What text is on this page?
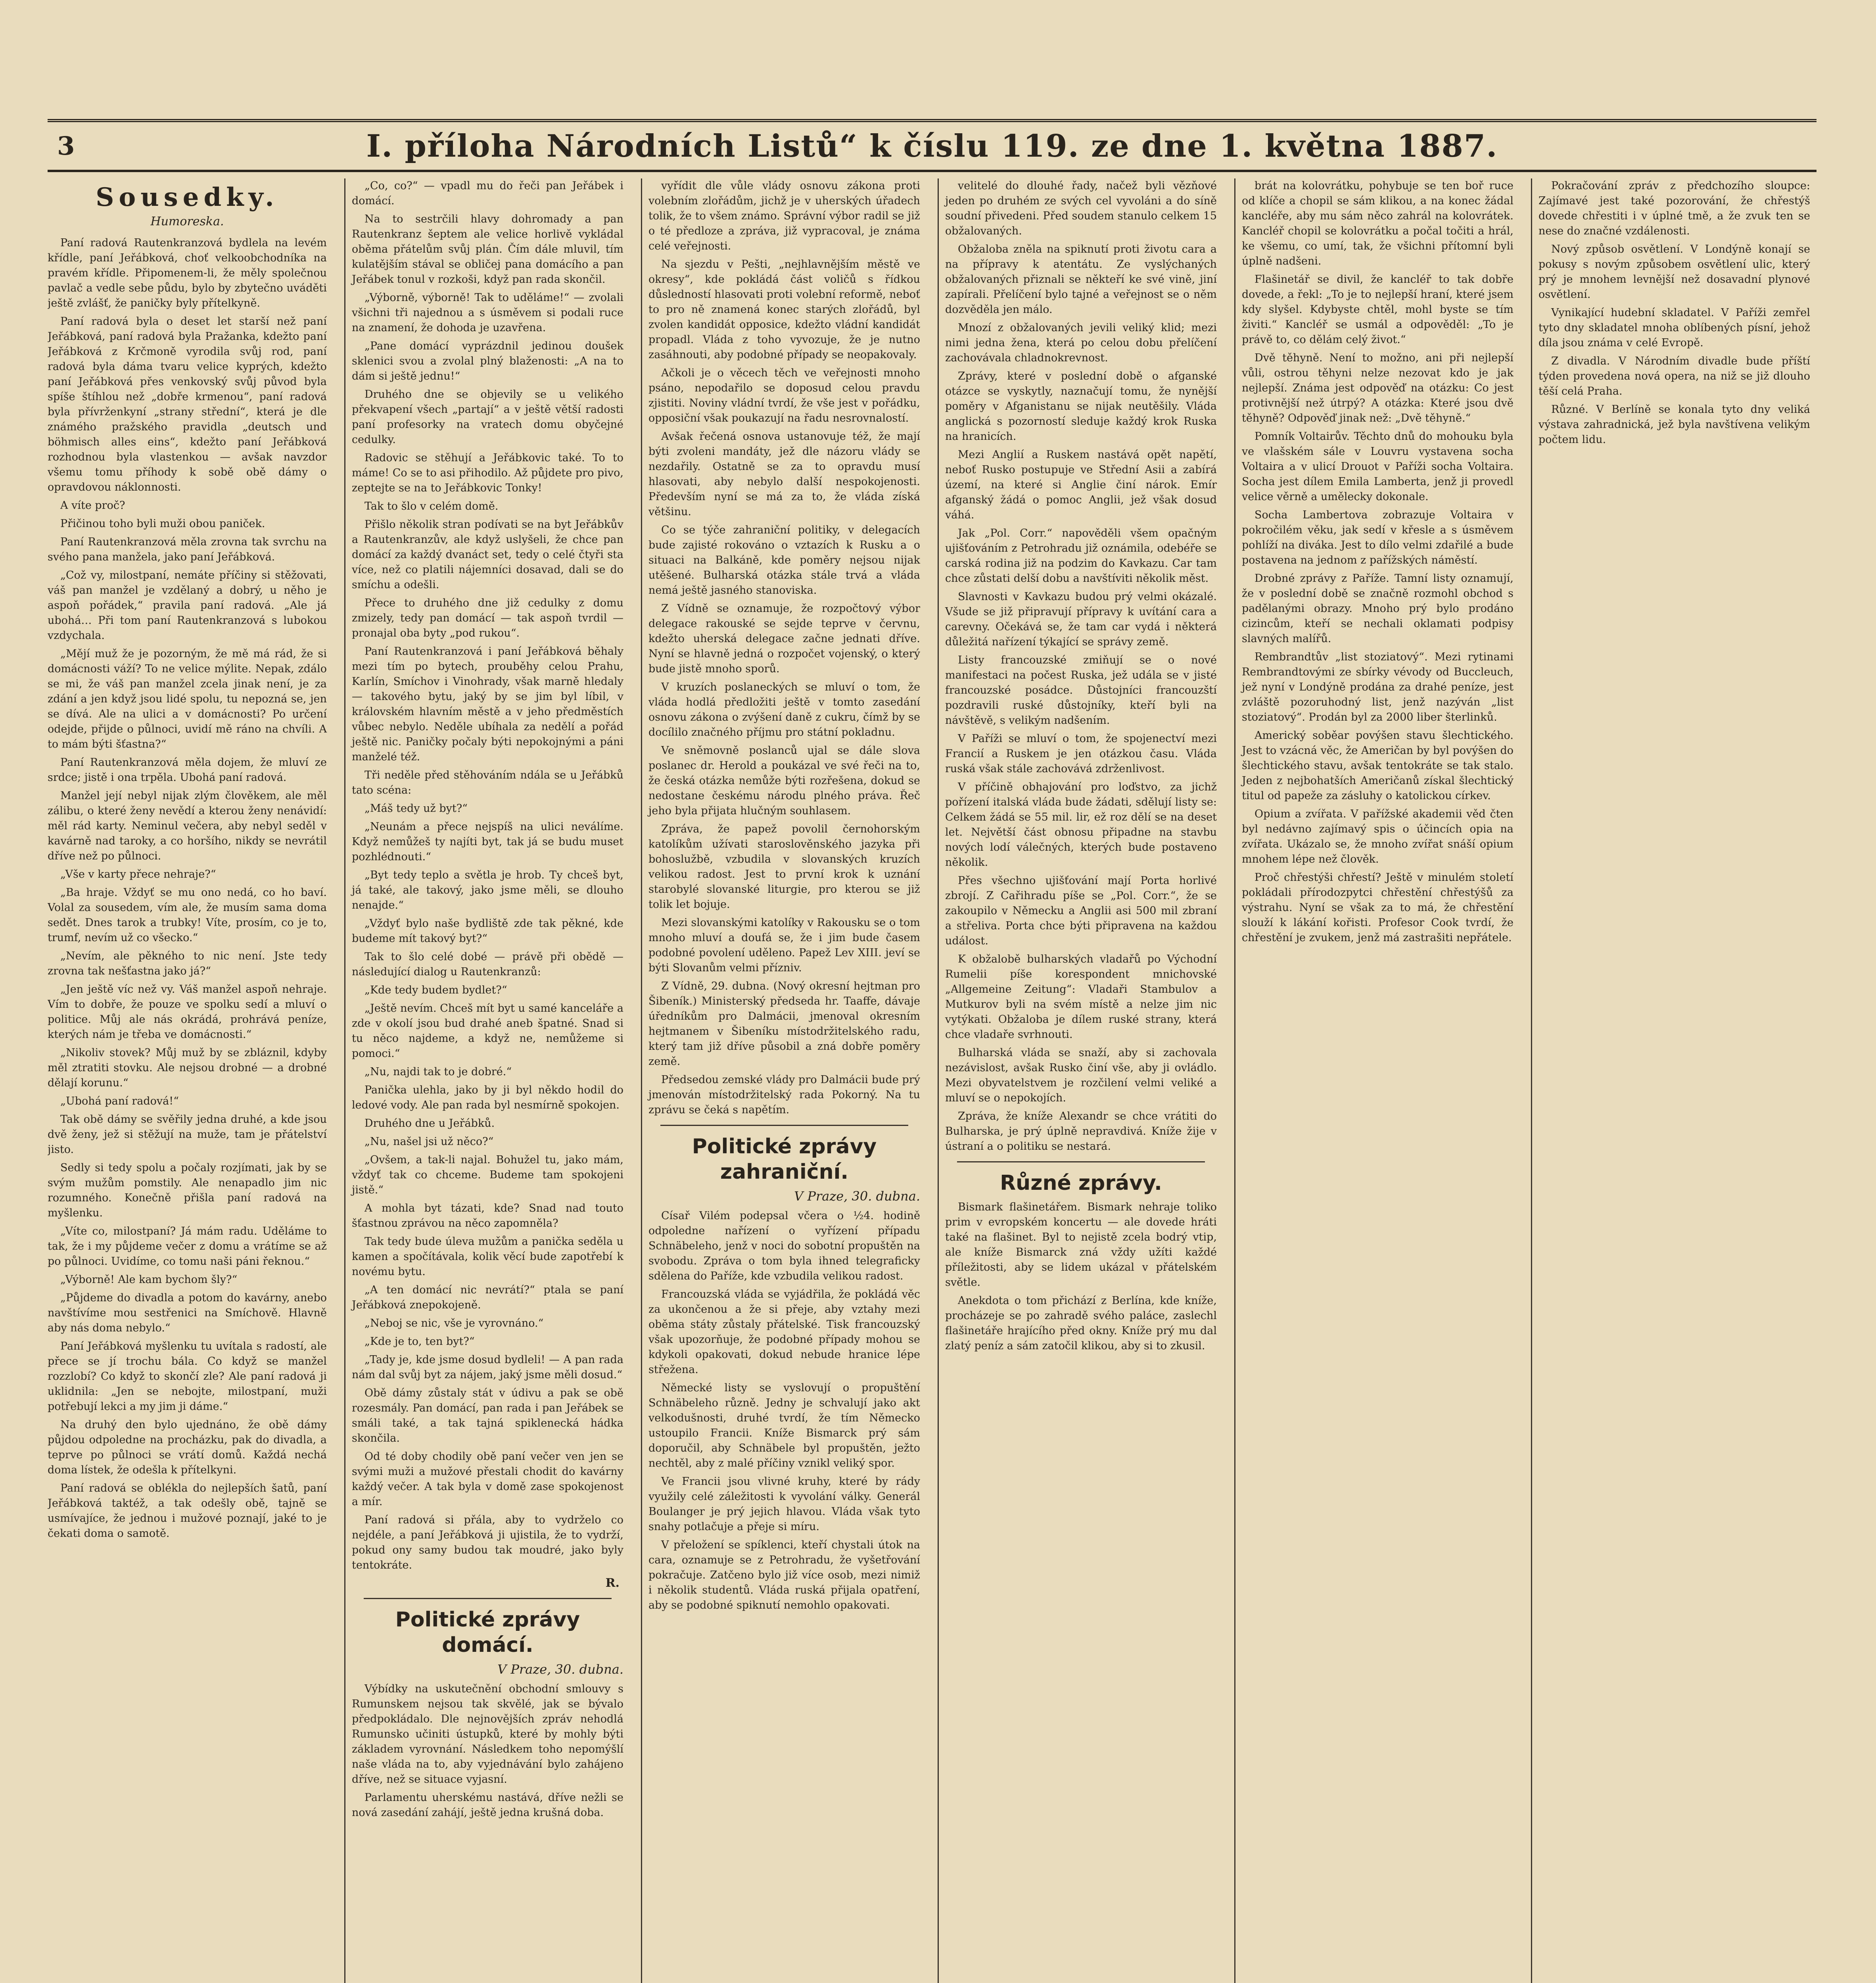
3	I. příloha Národních Listů“ k číslu 119. ze dne 1. května 1887.
Sousedky.
Humoreska.

Paní radová Rautenkranzová bydlela na levém křídle, paní Jeřábková, choť velkoobchodníka na pravém křídle. Připomenem-li, že měly společnou pavlač a vedle sebe půdu, bylo by zbytečno uváděti ještě zvlášť, že paničky byly přítelkyně.

Paní radová byla o deset let starší než paní Jeřábková, paní radová byla Pražanka, kdežto paní Jeřábková z Krčmoně vyrodila svůj rod, paní radová byla dáma tvaru velice kyprých, kdežto paní Jeřábková přes venkovský svůj původ byla spíše štíhlou než „dobře krmenou“, paní radová byla přívrženkyní „strany střední“, která je dle známého pražského pravidla „deutsch und böhmisch alles eins“, kdežto paní Jeřábková rozhodnou byla vlastenkou — avšak navzdor všemu tomu příhody k sobě obě dámy o opravdovou náklonnosti.

A víte proč?

Přičinou toho byli muži obou paniček.

Paní Rautenkranzová měla zrovna tak svrchu na svého pana manžela, jako paní Jeřábková.

„Což vy, milostpaní, nemáte příčiny si stěžovati, váš pan manžel je vzdělaný a dobrý, u něho je aspoň pořádek,“ pravila paní radová. „Ale já ubohá… Při tom paní Rautenkranzová s lubokou vzdychala.

„Mějí muž že je pozorným, že mě má rád, že si domácnosti váží? To ne velice mýlite. Nepak, zdálo se mi, že váš pan manžel zcela jinak není, je za zdání a jen když jsou lidé spolu, tu nepozná se, jen se dívá. Ale na ulici a v domácnosti? Po určení odejde, přijde o půlnoci, uvidí mě ráno na chvíli. A to mám býti šťastna?“

Paní Rautenkranzová měla dojem, že mluví ze srdce; jistě i ona trpěla. Ubohá paní radová.

Manžel její nebyl nijak zlým člověkem, ale měl zálibu, o které ženy nevědí a kterou ženy nenávidí: měl rád karty. Neminul večera, aby nebyl seděl v kavárně nad taroky, a co horšího, nikdy se nevrátil dříve než po půlnoci.

„Vše v karty přece nehraje?“

„Ba hraje. Vždyť se mu ono nedá, co ho baví. Volal za sousedem, vím ale, že musím sama doma sedět. Dnes tarok a trubky! Víte, prosím, co je to, trumf, nevím už co všecko.“

„Nevím, ale pěkného to nic není. Jste tedy zrovna tak nešťastna jako já?“

„Jen ještě víc než vy. Váš manžel aspoň nehraje. Vím to dobře, že pouze ve spolku sedí a mluví o politice. Můj ale nás okrádá, prohrává peníze, kterých nám je třeba ve domácnosti.“

„Nikoliv stovek? Můj muž by se zbláznil, kdyby měl ztratiti stovku. Ale nejsou drobné — a drobné dělají korunu.“

„Ubohá paní radová!“

Tak obě dámy se svěřily jedna druhé, a kde jsou dvě ženy, jež si stěžují na muže, tam je přátelství jisto.

Sedly si tedy spolu a počaly rozjímati, jak by se svým mužům pomstily. Ale nenapadlo jim nic rozumného. Konečně přišla paní radová na myšlenku.

„Víte co, milostpaní? Já mám radu. Uděláme to tak, že i my půjdeme večer z domu a vrátíme se až po půlnoci. Uvidíme, co tomu naši páni řeknou.“

„Výborně! Ale kam bychom šly?“

„Půjdeme do divadla a potom do kavárny, anebo navštívíme mou sestřenici na Smíchově. Hlavně aby nás doma nebylo.“

Paní Jeřábková myšlenku tu uvítala s radostí, ale přece se jí trochu bála. Co když se manžel rozzlobí? Co když to skončí zle? Ale paní radová ji uklidnila: „Jen se nebojte, milostpaní, muži potřebují lekci a my jim ji dáme.“

Na druhý den bylo ujednáno, že obě dámy půjdou odpoledne na procházku, pak do divadla, a teprve po půlnoci se vrátí domů. Každá nechá doma lístek, že odešla k přítelkyni.

Paní radová se oblékla do nejlepších šatů, paní Jeřábková taktéž, a tak odešly obě, tajně se usmívajíce, že jednou i mužové poznají, jaké to je čekati doma o samotě.

„Co, co?“ — vpadl mu do řeči pan Jeřábek i domácí.

Na to sestrčili hlavy dohromady a pan Rautenkranz šeptem ale velice horlivě vykládal oběma přátelům svůj plán. Čím dále mluvil, tím kulatějším stával se obličej pana domácího a pan Jeřábek tonul v rozkoši, když pan rada skončil.

„Výborně, výborně! Tak to uděláme!“ — zvolali všichni tři najednou a s úsměvem si podali ruce na znamení, že dohoda je uzavřena.

„Pane domácí vyprázdnil jedinou doušek sklenici svou a zvolal plný blaženosti: „A na to dám si ještě jednu!“

Druhého dne se objevily se u velikého překvapení všech „partají“ a v ještě větší radosti paní profesorky na vratech domu obyčejné cedulky.

Radovic se stěhují a Jeřábkovic také. To to máme! Co se to asi přihodilo. Až půjdete pro pivo, zeptejte se na to Jeřábkovic Tonky!

Tak to šlo v celém domě.

Přišlo několik stran podívati se na byt Jeřábkův a Rautenkranzův, ale když uslyšeli, že chce pan domácí za každý dvanáct set, tedy o celé čtyři sta více, než co platili nájemníci dosavad, dali se do smíchu a odešli.

Přece to druhého dne již cedulky z domu zmizely, tedy pan domácí — tak aspoň tvrdil — pronajal oba byty „pod rukou“.

Paní Rautenkranzová i paní Jeřábková běhaly mezi tím po bytech, prouběhy celou Prahu, Karlín, Smíchov i Vinohrady, však marně hledaly — takového bytu, jaký by se jim byl líbil, v královském hlavním městě a v jeho předměstích vůbec nebylo. Neděle ubíhala za nedělí a pořád ještě nic. Paničky počaly býti nepokojnými a páni manželé též.

Tři neděle před stěhováním ndála se u Jeřábků tato scéna:

„Máš tedy už byt?“

„Neunám a přece nejspíš na ulici neválíme. Když nemůžeš ty najíti byt, tak já se budu muset pozhlédnouti.“

„Byt tedy teplo a světla je hrob. Ty chceš byt, já také, ale takový, jako jsme měli, se dlouho nenajde.“

„Vždyť bylo naše bydliště zde tak pěkné, kde budeme mít takový byt?“

Tak to šlo celé dobé — právě při obědě — následující dialog u Rautenkranzů:

„Kde tedy budem bydlet?“

„Ještě nevím. Chceš mít byt u samé kanceláře a zde v okolí jsou bud drahé aneb špatné. Snad si tu něco najdeme, a když ne, nemůžeme si pomoci.“

„Nu, najdi tak to je dobré.“

Panička ulehla, jako by ji byl někdo hodil do ledové vody. Ale pan rada byl nesmírně spokojen.

Druhého dne u Jeřábků.

„Nu, našel jsi už něco?“

„Ovšem, a tak-li najal. Bohužel tu, jako mám, vždyť tak co chceme. Budeme tam spokojeni jistě.“

A mohla byt tázati, kde? Snad nad touto šťastnou zprávou na něco zapomněla?

Tak tedy bude úleva mužům a panička seděla u kamen a spočítávala, kolik věcí bude zapotřebí k novému bytu.

„A ten domácí nic nevrátí?“ ptala se paní Jeřábková znepokojeně.

„Neboj se nic, vše je vyrovnáno.“

„Kde je to, ten byt?“

„Tady je, kde jsme dosud bydleli! — A pan rada nám dal svůj byt za nájem, jaký jsme měli dosud.“

Obě dámy zůstaly stát v údivu a pak se obě rozesmály. Pan domácí, pan rada i pan Jeřábek se smáli také, a tak tajná spiklenecká hádka skončila.

Od té doby chodily obě paní večer ven jen se svými muži a mužové přestali chodit do kavárny každý večer. A tak byla v domě zase spokojenost a mír.

Paní radová si přála, aby to vydrželo co nejdéle, a paní Jeřábková ji ujistila, že to vydrží, pokud ony samy budou tak moudré, jako byly tentokráte.

R.
Politické zprávy domácí.
V Praze, 30. dubna.

Výbídky na uskutečnění obchodní smlouvy s Rumunskem nejsou tak skvělé, jak se bývalo předpokládalo. Dle nejnovějších zpráv nehodlá Rumunsko učiniti ústupků, které by mohly býti základem vyrovnání. Následkem toho nepomýšlí naše vláda na to, aby vyjednávání bylo zahájeno dříve, než se situace vyjasní.

Parlamentu uherskému nastává, dříve nežli se nová zasedání zahájí, ještě jedna krušná doba.

vyřídit dle vůle vlády osnovu zákona proti volebním zlořádům, jichž je v uherských úřadech tolik, že to všem známo. Správní výbor radil se již o té předloze a zpráva, již vypracoval, je známa celé veřejnosti.

Na sjezdu v Pešti, „nejhlavnějším městě ve okresy“, kde pokládá část voličů s řídkou důsledností hlasovati proti volební reformě, neboť to pro ně znamená konec starých zlořádů, byl zvolen kandidát opposice, kdežto vládní kandidát propadl. Vláda z toho vyvozuje, že je nutno zasáhnouti, aby podobné případy se neopakovaly.

Ačkoli je o věcech těch ve veřejnosti mnoho psáno, nepodařilo se doposud celou pravdu zjistiti. Noviny vládní tvrdí, že vše jest v pořádku, opposiční však poukazují na řadu nesrovnalostí.

Avšak řečená osnova ustanovuje též, že mají býti zvoleni mandáty, jež dle názoru vlády se nezdařily. Ostatně se za to opravdu musí hlasovati, aby nebylo další nespokojenosti. Především nyní se má za to, že vláda získá většinu.

Co se týče zahraniční politiky, v delegacích bude zajisté rokováno o vztazích k Rusku a o situaci na Balkáně, kde poměry nejsou nijak utěšené. Bulharská otázka stále trvá a vláda nemá ještě jasného stanoviska.

Z Vídně se oznamuje, že rozpočtový výbor delegace rakouské se sejde teprve v červnu, kdežto uherská delegace začne jednati dříve. Nyní se hlavně jedná o rozpočet vojenský, o který bude jistě mnoho sporů.

V kruzích poslaneckých se mluví o tom, že vláda hodlá předložiti ještě v tomto zasedání osnovu zákona o zvýšení daně z cukru, čímž by se docílilo značného příjmu pro státní pokladnu.

Ve sněmovně poslanců ujal se dále slova poslanec dr. Herold a poukázal ve své řeči na to, že česká otázka nemůže býti rozřešena, dokud se nedostane českému národu plného práva. Řeč jeho byla přijata hlučným souhlasem.

Zpráva, že papež povolil černohorským katolíkům užívati staroslověnského jazyka při bohoslužbě, vzbudila v slovanských kruzích velikou radost. Jest to první krok k uznání starobylé slovanské liturgie, pro kterou se již tolik let bojuje.

Mezi slovanskými katolíky v Rakousku se o tom mnoho mluví a doufá se, že i jim bude časem podobné povolení uděleno. Papež Lev XIII. jeví se býti Slovanům velmi přízniv.

Z Vídně, 29. dubna. (Nový okresní hejtman pro Šibeník.) Ministerský předseda hr. Taaffe, dávaje úředníkům pro Dalmácii, jmenoval okresním hejtmanem v Šibeníku místodržitelského radu, který tam již dříve působil a zná dobře poměry země.

Předsedou zemské vlády pro Dalmácii bude prý jmenován místodržitelský rada Pokorný. Na tu zprávu se čeká s napětím.

Politické zprávy zahraniční.
V Praze, 30. dubna.

Císař Vilém podepsal včera o ½4. hodině odpoledne nařízení o vyřízení případu Schnäbeleho, jenž v noci do sobotní propuštěn na svobodu. Zpráva o tom byla ihned telegraficky sdělena do Paříže, kde vzbudila velikou radost.

Francouzská vláda se vyjádřila, že pokládá věc za ukončenou a že si přeje, aby vztahy mezi oběma státy zůstaly přátelské. Tisk francouzský však upozorňuje, že podobné případy mohou se kdykoli opakovati, dokud nebude hranice lépe střežena.

Německé listy se vyslovují o propuštění Schnäbeleho různě. Jedny je schvalují jako akt velkodušnosti, druhé tvrdí, že tím Německo ustoupilo Francii. Kníže Bismarck prý sám doporučil, aby Schnäbele byl propuštěn, ježto nechtěl, aby z malé příčiny vznikl veliký spor.

Ve Francii jsou vlivné kruhy, které by rády využily celé záležitosti k vyvolání války. Generál Boulanger je prý jejich hlavou. Vláda však tyto snahy potlačuje a přeje si míru.

V přeložení se spíklenci, kteří chystali útok na cara, oznamuje se z Petrohradu, že vyšetřování pokračuje. Zatčeno bylo již více osob, mezi nimiž i několik studentů. Vláda ruská přijala opatření, aby se podobné spiknutí nemohlo opakovati.

velitelé do dlouhé řady, načež byli vězňové jeden po druhém ze svých cel vyvoláni a do síně soudní přivedeni. Před soudem stanulo celkem 15 obžalovaných.

Obžaloba zněla na spiknutí proti životu cara a na přípravy k atentátu. Ze vyslýchaných obžalovaných přiznali se někteří ke své vině, jiní zapírali. Přelíčení bylo tajné a veřejnost se o něm dozvěděla jen málo.

Mnozí z obžalovaných jevili veliký klid; mezi nimi jedna žena, která po celou dobu přelíčení zachovávala chladnokrevnost.

Zprávy, které v poslední době o afganské otázce se vyskytly, naznačují tomu, že nynější poměry v Afganistanu se nijak neutěšily. Vláda anglická s pozorností sleduje každý krok Ruska na hranicích.

Mezi Anglií a Ruskem nastává opět napětí, neboť Rusko postupuje ve Střední Asii a zabírá území, na které si Anglie činí nárok. Emír afganský žádá o pomoc Anglii, jež však dosud váhá.

Jak „Pol. Corr.“ napověděli všem opačným ujišťováním z Petrohradu již oznámila, odebéře se carská rodina již na podzim do Kavkazu. Car tam chce zůstati delší dobu a navštíviti několik měst.

Slavnosti v Kavkazu budou prý velmi okázalé. Všude se již připravují přípravy k uvítání cara a carevny. Očekává se, že tam car vydá i některá důležitá nařízení týkající se správy země.

Listy francouzské zmiňují se o nové manifestaci na počest Ruska, jež udála se v jisté francouzské posádce. Důstojníci francouzští pozdravili ruské důstojníky, kteří byli na návštěvě, s velikým nadšením.

V Paříži se mluví o tom, že spojenectví mezi Francií a Ruskem je jen otázkou času. Vláda ruská však stále zachovává zdrženlivost.

V příčině obhajování pro loďstvo, za jichž pořízení italská vláda bude žádati, sdělují listy se: Celkem žádá se 55 mil. lir, ež roz dělí se na deset let. Největší část obnosu připadne na stavbu nových lodí válečných, kterých bude postaveno několik.

Přes všechno ujišťování mají Porta horlivé zbrojí. Z Cařihradu píše se „Pol. Corr.“, že se zakoupilo v Německu a Anglii asi 500 mil zbraní a střeliva. Porta chce býti připravena na každou událost.

K obžalobě bulharských vladařů po Východní Rumelii píše korespondent mnichovské „Allgemeine Zeitung“: Vladaři Stambulov a Mutkurov byli na svém místě a nelze jim nic vytýkati. Obžaloba je dílem ruské strany, která chce vladaře svrhnouti.

Bulharská vláda se snaží, aby si zachovala nezávislost, avšak Rusko činí vše, aby ji ovládlo. Mezi obyvatelstvem je rozčilení velmi veliké a mluví se o nepokojích.

Zpráva, že kníže Alexandr se chce vrátiti do Bulharska, je prý úplně nepravdivá. Kníže žije v ústraní a o politiku se nestará.

Různé zprávy.

Bismark flašinetářem. Bismark nehraje toliko prim v evropském koncertu — ale dovede hráti také na flašinet. Byl to nejistě zcela bodrý vtip, ale kníže Bismarck zná vždy užíti každé příležitosti, aby se lidem ukázal v přátelském světle.

Anekdota o tom přichází z Berlína, kde kníže, procházeje se po zahradě svého paláce, zaslechl flašinetáře hrajícího před okny. Kníže prý mu dal zlatý peníz a sám zatočil klikou, aby si to zkusil.

brát na kolovrátku, pohybuje se ten boř ruce od klíče a chopil se sám klikou, a na konec žádal kancléře, aby mu sám něco zahrál na kolovrátek. Kancléř chopil se kolovrátku a počal točiti a hrál, ke všemu, co umí, tak, že všichni přítomní byli úplně nadšeni.

Flašinetář se divil, že kancléř to tak dobře dovede, a řekl: „To je to nejlepší hraní, které jsem kdy slyšel. Kdybyste chtěl, mohl byste se tím živiti.“ Kancléř se usmál a odpověděl: „To je právě to, co dělám celý život.“

Dvě těhyně. Není to možno, ani při nejlepší vůli, ostrou těhyni nelze nezovat kdo je jak nejlepší. Známa jest odpověď na otázku: Co jest protivnější než útrpý? A otázka: Které jsou dvě těhyně? Odpověď jinak než: „Dvě těhyně.“

Pomník Voltairův. Těchto dnů do mohouku byla ve vlašském sále v Louvru vystavena socha Voltaira a v ulicí Drouot v Paříži socha Voltaira. Socha jest dílem Emila Lamberta, jenž ji provedl velice věrně a umělecky dokonale.

Socha Lambertova zobrazuje Voltaira v pokročilém věku, jak sedí v křesle a s úsměvem pohlíží na diváka. Jest to dílo velmi zdařilé a bude postavena na jednom z pařížských náměstí.

Drobné zprávy z Paříže. Tamní listy oznamují, že v poslední době se značně rozmohl obchod s padělanými obrazy. Mnoho prý bylo prodáno cizincům, kteří se nechali oklamati podpisy slavných malířů.

Rembrandtův „list stoziatový“. Mezi rytinami Rembrandtovými ze sbírky vévody od Buccleuch, jež nyní v Londýně prodána za drahé peníze, jest zvláště pozoruhodný list, jenž nazýván „list stoziatový“. Prodán byl za 2000 liber šterlinků.

Americký soběar povýšen stavu šlechtického. Jest to vzácná věc, že Američan by byl povýšen do šlechtického stavu, avšak tentokráte se tak stalo. Jeden z nejbohatších Američanů získal šlechtický titul od papeže za zásluhy o katolickou církev.

Opium a zvířata. V pařížské akademii věd čten byl nedávno zajímavý spis o účincích opia na zvířata. Ukázalo se, že mnoho zvířat snáší opium mnohem lépe než člověk.

Proč chřestýši chřestí? Ještě v minulém století pokládali přírodozpytci chřestění chřestýšů za výstrahu. Nyní se však za to má, že chřestění slouží k lákání kořisti. Profesor Cook tvrdí, že chřestění je zvukem, jenž má zastrašiti nepřátele.

Pokračování zpráv z předchozího sloupce: Zajímavé jest také pozorování, že chřestýš dovede chřestiti i v úplné tmě, a že zvuk ten se nese do značné vzdálenosti.

Nový způsob osvětlení. V Londýně konají se pokusy s novým způsobem osvětlení ulic, který prý je mnohem levnější než dosavadní plynové osvětlení.

Vynikající hudební skladatel. V Paříži zemřel tyto dny skladatel mnoha oblíbených písní, jehož díla jsou známa v celé Evropě.

Z divadla. V Národním divadle bude příští týden provedena nová opera, na niž se již dlouho těší celá Praha.

Různé. V Berlíně se konala tyto dny veliká výstava zahradnická, jež byla navštívena velikým počtem lidu.
